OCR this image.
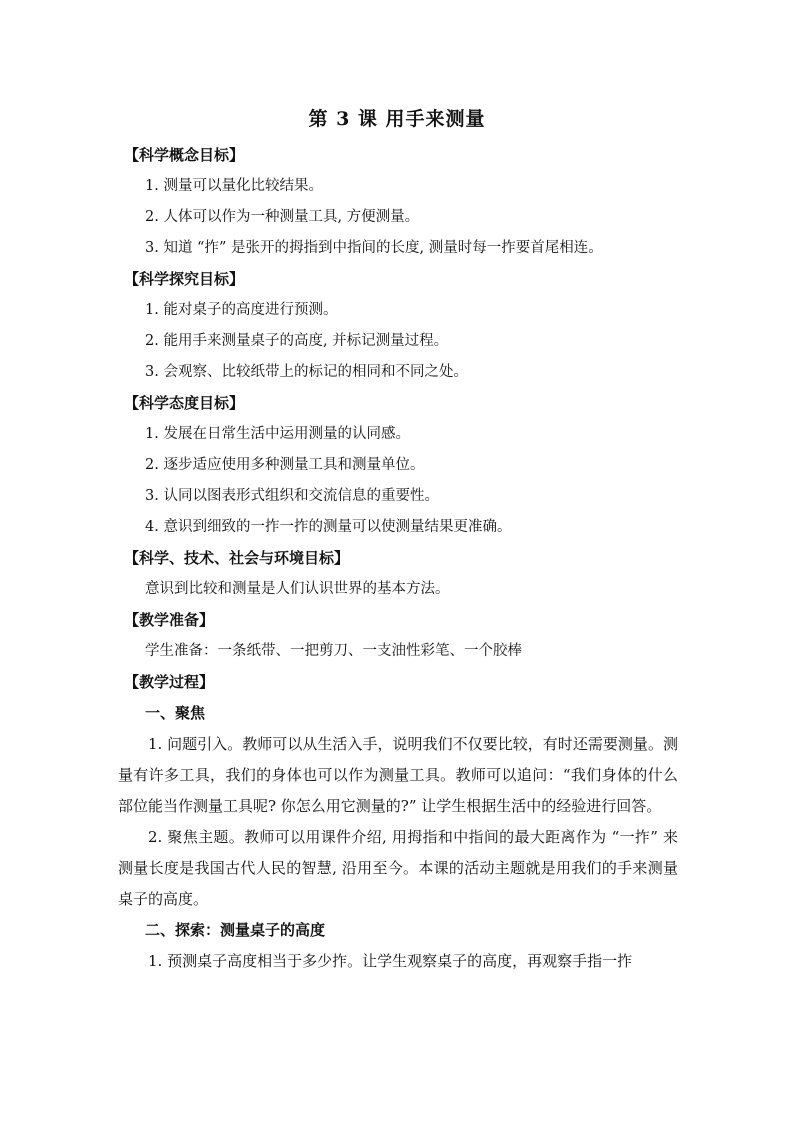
第 3 课 用手来测量
【科学概念目标】
1. 测量可以量化比较结果。
2. 人体可以作为一种测量工具, 方便测量。
3. 知道 “拃” 是张开的拇指到中指间的长度, 测量时每一拃要首尾相连。
【科学探究目标】
1. 能对桌子的高度进行预测。
2. 能用手来测量桌子的高度, 并标记测量过程。
3. 会观察、比较纸带上的标记的相同和不同之处。
【科学态度目标】
1. 发展在日常生活中运用测量的认同感。
2. 逐步适应使用多种测量工具和测量单位。
3. 认同以图表形式组织和交流信息的重要性。
4. 意识到细致的一拃一拃的测量可以使测量结果更准确。
【科学、技术、社会与环境目标】
意识到比较和测量是人们认识世界的基本方法。
【教学准备】
学生准备：一条纸带、一把剪刀、一支油性彩笔、一个胶棒
【教学过程】
一、聚焦
1. 问题引入。教师可以从生活入手，说明我们不仅要比较，有时还需要测量。测量有许多工具，我们的身体也可以作为测量工具。教师可以追问：“我们身体的什么部位能当作测量工具呢? 你怎么用它测量的?” 让学生根据生活中的经验进行回答。
2. 聚焦主题。教师可以用课件介绍, 用拇指和中指间的最大距离作为 “一拃” 来测量长度是我国古代人民的智慧, 沿用至今。本课的活动主题就是用我们的手来测量桌子的高度。
二、探索：测量桌子的高度
1. 预测桌子高度相当于多少拃。让学生观察桌子的高度，再观察手指一拃
